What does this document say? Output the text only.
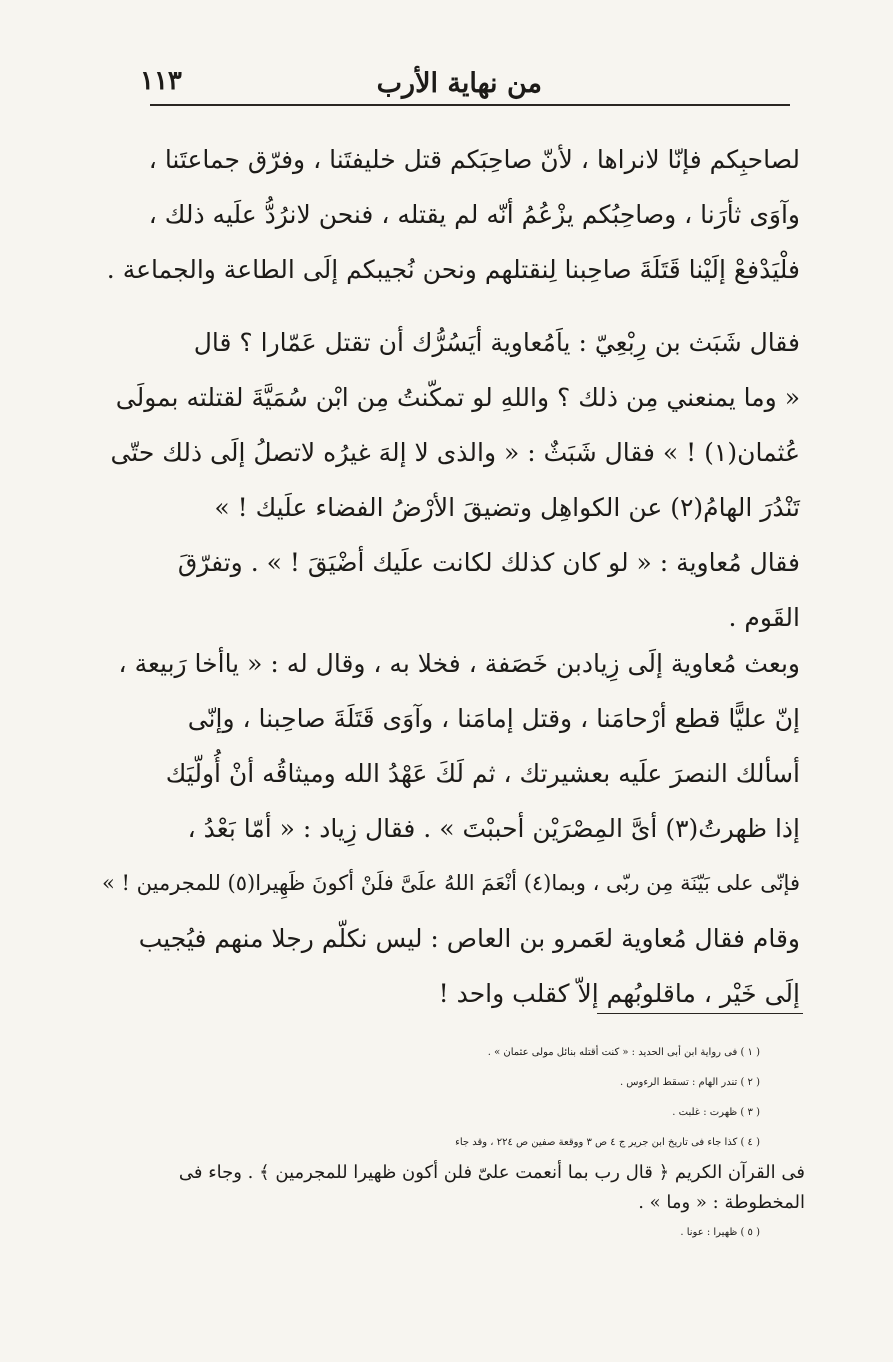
من نهاية الأرب
١١٣

لصاحبِكم فإنّا لانراها ، لأنّ صاحِبَكم قتل خليفتَنا ، وفرّق جماعتَنا ،

وآوَى ثأرَنا ، وصاحِبُكم يزْعُمُ أنّه لم يقتله ، فنحن لانرُدُّ علَيه ذلك ،

فلْيَدْفعْ إلَيْنا قَتَلَةَ صاحِبنا لِنقتلهم ونحن نُجيبكم إلَى الطاعة والجماعة .

فقال شَبَث بن رِبْعِيّ : ياَمُعاوية أيَسُرُّك أن تقتل عَمّارا ؟ قال

« وما يمنعني مِن ذلك ؟ واللهِ لو تمكّنتُ مِن ابْن سُمَيَّةَ لقتلته بمولَى

عُثمان(١) ! » فقال شَبَثٌ : « والذى لا إلهَ غيرُه لاتصلُ إلَى ذلك حتّى

تَنْدُرَ الهامُ(٢) عن الكواهِل وتضيقَ الأرْضُ الفضاء علَيك ! »

فقال مُعاوية : « لو كان كذلك لكانت علَيك أضْيَقَ ! » . وتفرّقَ

القَوم .

وبعث مُعاوية إلَى زِيادبن خَصَفة ، فخلا به ، وقال له : « ياأخا رَبيعة ،

إنّ عليًّا قطع أرْحامَنا ، وقتل إمامَنا ، وآوَى قَتَلَةَ صاحِبنا ، وإنّى

أسألك النصرَ علَيه بعشيرتك ، ثم لَكَ عَهْدُ الله وميثاقُه أنْ أُولّيَك

إذا ظهرتُ(٣) أىَّ المِصْرَيْن أحببْتَ » . فقال زِياد : « أمّا بَعْدُ ،

فإنّى على بَيّنَة مِن ربّى ، وبما(٤) أنْعَمَ اللهُ علَىَّ فلَنْ أكونَ ظَهِيرا(٥) للمجرمين ! »

وقام فقال مُعاوية لعَمرو بن العاص : ليس نكلّم رجلا منهم فيُجيب

إلَى خَيْر ، ماقلوبُهم إلاّ كقلب واحد !

( ١ ) فى رواية ابن أبى الحديد : « كنت أقتله بنائل مولى عثمان » .

( ٢ ) تندر الهام : تسقط الرءوس .

( ٣ ) ظهرت : غلبت .

( ٤ ) كذا جاء فى تاريخ ابن جرير ج ٤ ص ٣ ووقعة صفين ص ٢٢٤ ، وقد جاء

فى القرآن الكريم ﴿ قال رب بما أنعمت علىّ فلن أكون ظهيرا للمجرمين ﴾ . وجاء فى

المخطوطة : « وما » .

( ٥ ) ظهيرا : عونا .
